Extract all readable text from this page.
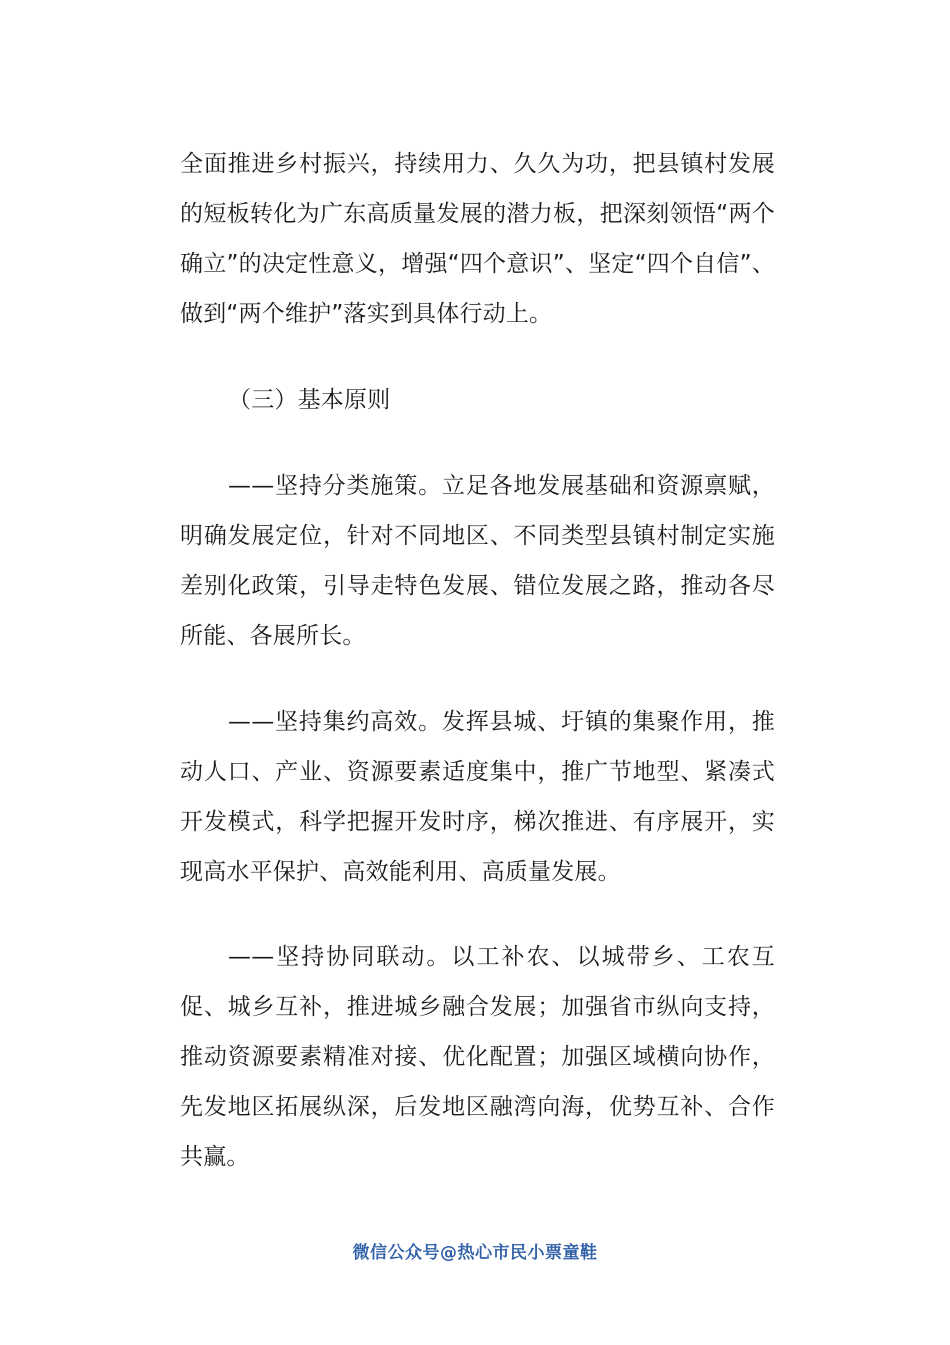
全面推进乡村振兴，持续用力、久久为功，把县镇村发展的短板转化为广东高质量发展的潜力板，把深刻领悟“两个确立”的决定性意义，增强“四个意识”、坚定“四个自信”、做到“两个维护”落实到具体行动上。

（三）基本原则

——坚持分类施策。立足各地发展基础和资源禀赋，明确发展定位，针对不同地区、不同类型县镇村制定实施差别化政策，引导走特色发展、错位发展之路，推动各尽所能、各展所长。

——坚持集约高效。发挥县城、圩镇的集聚作用，推动人口、产业、资源要素适度集中，推广节地型、紧凑式开发模式，科学把握开发时序，梯次推进、有序展开，实现高水平保护、高效能利用、高质量发展。

——坚持协同联动。以工补农、以城带乡、工农互促、城乡互补，推进城乡融合发展；加强省市纵向支持，推动资源要素精准对接、优化配置；加强区域横向协作，先发地区拓展纵深，后发地区融湾向海，优势互补、合作共赢。

微信公众号@热心市民小票童鞋
